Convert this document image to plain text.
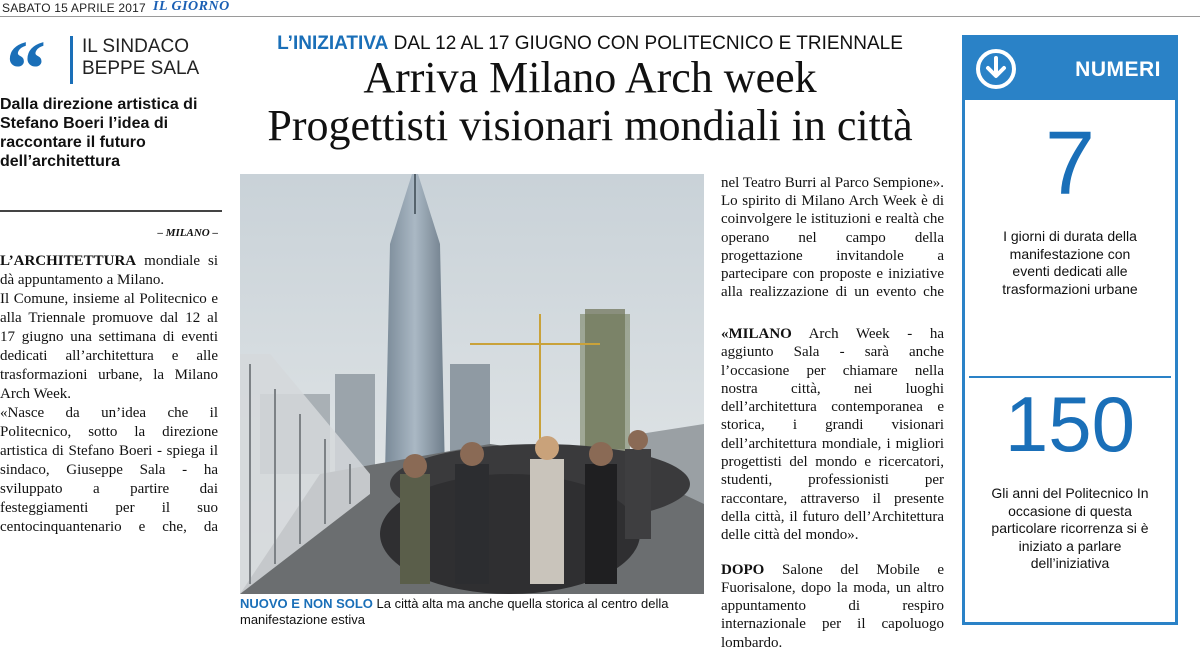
SABATO 15 APRILE 2017 IL GIORNO
“ IL SINDACO
BEPPE SALA
Dalla direzione artistica di Stefano Boeri l’idea di raccontare il futuro dell’architettura
– MILANO –

L’ARCHITETTURA mondiale si dà appuntamento a Milano.

Il Comune, insieme al Politecnico e alla Triennale promuove dal 12 al 17 giugno una settimana di eventi dedicati all’architettura e alle trasformazioni urbane, la Milano Arch Week.

«Nasce da un’idea che il Politecnico, sotto la direzione artistica di Stefano Boeri - spiega il sindaco, Giuseppe Sala - ha sviluppato a partire dai festeggiamenti per il suo centocinquantenario e che, da

L’INIZIATIVA DAL 12 AL 17 GIUGNO CON POLITECNICO E TRIENNALE
Arriva Milano Arch week
Progettisti visionari mondiali in città
NUOVO E NON SOLO La città alta ma anche quella storica al centro della manifestazione estiva

nel Teatro Burri al Parco Sempione». Lo spirito di Milano Arch Week è di coinvolgere le istituzioni e realtà che operano nel campo della progettazione invitandole a partecipare con proposte e iniziative alla realizzazione di un evento che

«MILANO Arch Week - ha aggiunto Sala - sarà anche l’occasione per chiamare nella nostra città, nei luoghi dell’architettura contemporanea e storica, i grandi visionari dell’architettura mondiale, i migliori progettisti del mondo e ricercatori, studenti, professionisti per raccontare, attraverso il presente della città, il futuro dell’Architettura delle città del mondo».

DOPO Salone del Mobile e Fuorisalone, dopo la moda, un altro appuntamento di respiro internazionale per il capoluogo lombardo.

NUMERI
7
I giorni di durata della manifestazione con eventi dedicati alle trasformazioni urbane
150
Gli anni del Politecnico In occasione di questa particolare ricorrenza si è iniziato a parlare dell’iniziativa
